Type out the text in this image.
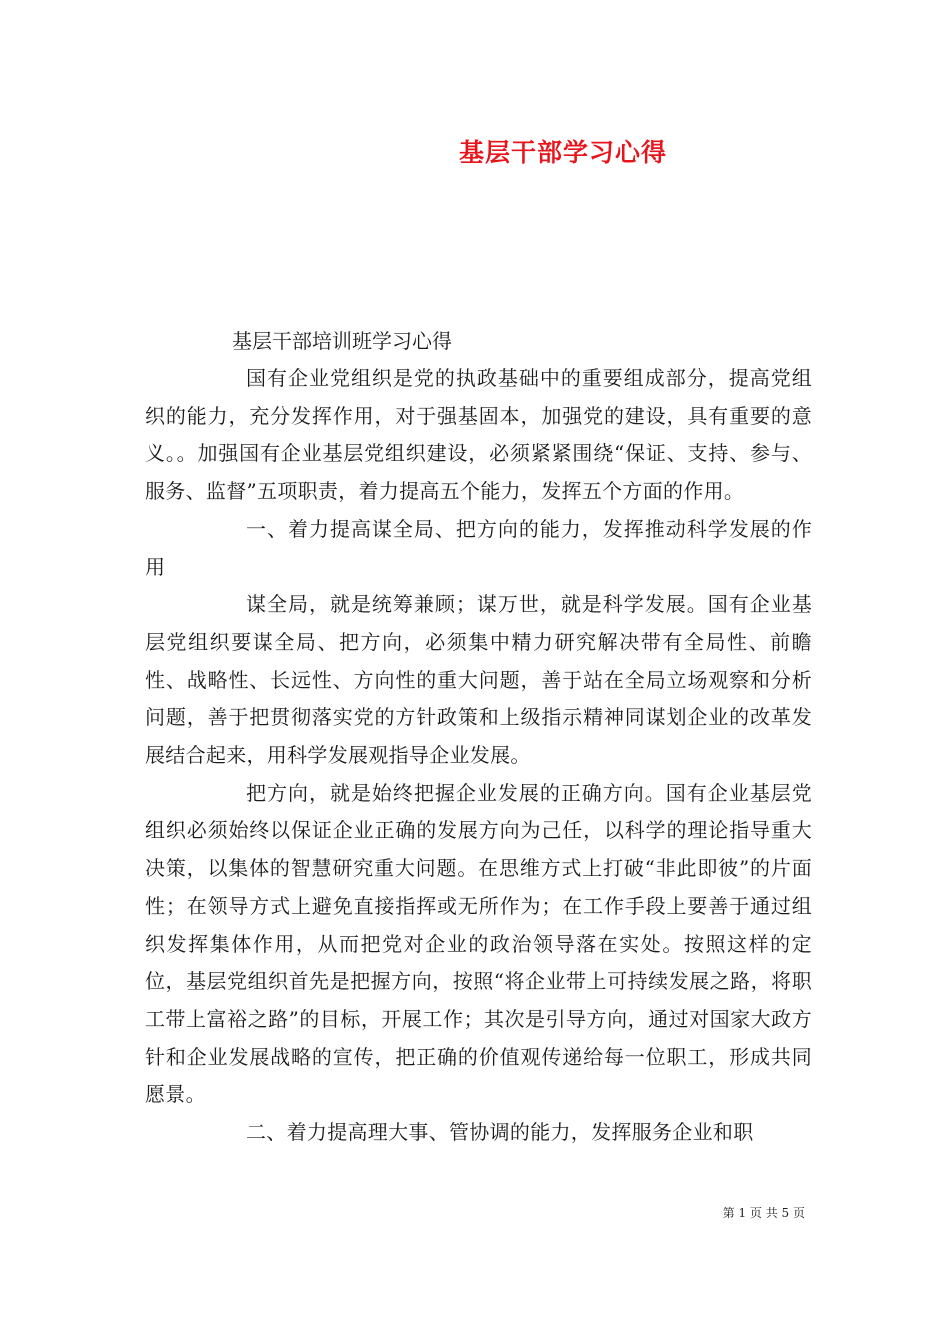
基层干部学习心得
基层干部培训班学习心得

国有企业党组织是党的执政基础中的重要组成部分，提高党组织的能力，充分发挥作用，对于强基固本，加强党的建设，具有重要的意义。。加强国有企业基层党组织建设，必须紧紧围绕“保证、支持、参与、服务、监督”五项职责，着力提高五个能力，发挥五个方面的作用。

一、着力提高谋全局、把方向的能力，发挥推动科学发展的作用

谋全局，就是统筹兼顾；谋万世，就是科学发展。国有企业基层党组织要谋全局、把方向，必须集中精力研究解决带有全局性、前瞻性、战略性、长远性、方向性的重大问题，善于站在全局立场观察和分析问题，善于把贯彻落实党的方针政策和上级指示精神同谋划企业的改革发展结合起来，用科学发展观指导企业发展。

把方向，就是始终把握企业发展的正确方向。国有企业基层党组织必须始终以保证企业正确的发展方向为己任，以科学的理论指导重大决策，以集体的智慧研究重大问题。在思维方式上打破“非此即彼”的片面性；在领导方式上避免直接指挥或无所作为；在工作手段上要善于通过组织发挥集体作用，从而把党对企业的政治领导落在实处。按照这样的定位，基层党组织首先是把握方向，按照“将企业带上可持续发展之路，将职工带上富裕之路”的目标，开展工作；其次是引导方向，通过对国家大政方针和企业发展战略的宣传，把正确的价值观传递给每一位职工，形成共同愿景。

二、着力提高理大事、管协调的能力，发挥服务企业和职

第 1 页 共 5 页
